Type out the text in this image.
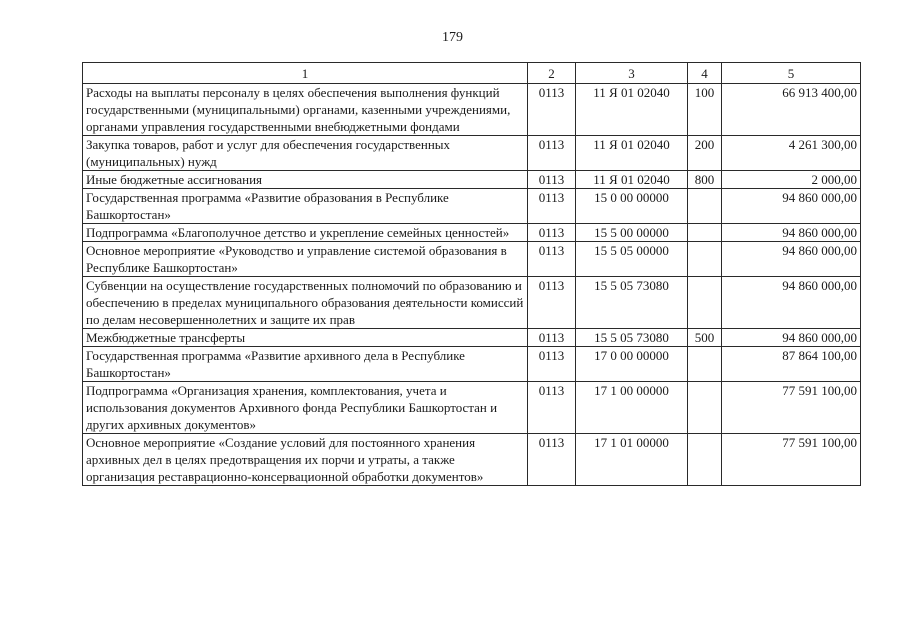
179
1	2	3	4	5
Расходы на выплаты персоналу в целях обеспечения выполнения функций государственными (муниципальными) органами, казенными учреждениями, органами управления государственными внебюджетными фондами	0113	11 Я 01 02040	100	66 913 400,00
Закупка товаров, работ и услуг для обеспечения государственных (муниципальных) нужд	0113	11 Я 01 02040	200	4 261 300,00
Иные бюджетные ассигнования	0113	11 Я 01 02040	800	2 000,00
Государственная программа «Развитие образования в Республике Башкортостан»	0113	15 0 00 00000		94 860 000,00
Подпрограмма «Благополучное детство и укрепление семейных ценностей»	0113	15 5 00 00000		94 860 000,00
Основное мероприятие «Руководство и управление системой образования в Республике Башкортостан»	0113	15 5 05 00000		94 860 000,00
Субвенции на осуществление государственных полномочий по образованию и обеспечению в пределах муниципального образования деятельности комиссий по делам несовершеннолетних и защите их прав	0113	15 5 05 73080		94 860 000,00
Межбюджетные трансферты	0113	15 5 05 73080	500	94 860 000,00
Государственная программа «Развитие архивного дела в Республике Башкортостан»	0113	17 0 00 00000		87 864 100,00
Подпрограмма «Организация хранения, комплектования, учета и использования документов Архивного фонда Республики Башкортостан и других архивных документов»	0113	17 1 00 00000		77 591 100,00
Основное мероприятие «Создание условий для постоянного хранения архивных дел в целях предотвращения их порчи и утраты, а также организация реставрационно-консервационной обработки документов»	0113	17 1 01 00000		77 591 100,00
